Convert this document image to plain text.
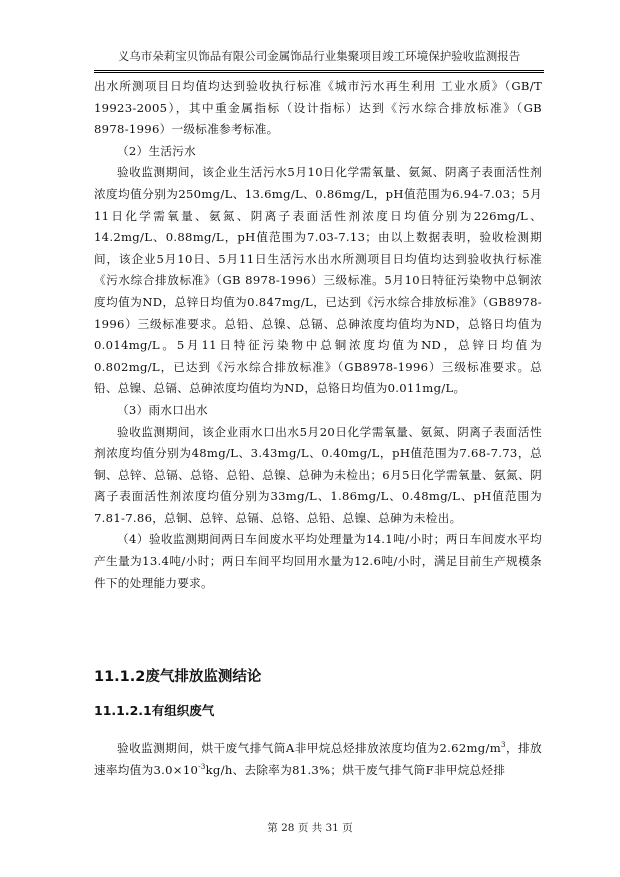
义乌市朵莉宝贝饰品有限公司金属饰品行业集聚项目竣工环境保护验收监测报告

出水所测项目日均值均达到验收执行标准《城市污水再生利用 工业水质》（GB/T 19923-2005），其中重金属指标（设计指标）达到《污水综合排放标准》（GB 8978-1996）一级标准参考标准。

（2）生活污水

验收监测期间，该企业生活污水5月10日化学需氧量、氨氮、阴离子表面活性剂浓度均值分别为250mg/L、13.6mg/L、0.86mg/L，pH值范围为6.94-7.03；5月11日化学需氧量、氨氮、阴离子表面活性剂浓度日均值分别为226mg/L、14.2mg/L、0.88mg/L，pH值范围为7.03-7.13；由以上数据表明，验收检测期间，该企业5月10日、5月11日生活污水出水所测项目日均值均达到验收执行标准《污水综合排放标准》（GB 8978-1996）三级标准。5月10日特征污染物中总铜浓度均值为ND，总锌日均值为0.847mg/L，已达到《污水综合排放标准》（GB8978-1996）三级标准要求。总铅、总镍、总镉、总砷浓度均值均为ND，总铬日均值为0.014mg/L。5月11日特征污染物中总铜浓度均值为ND，总锌日均值为0.802mg/L，已达到《污水综合排放标准》（GB8978-1996）三级标准要求。总铅、总镍、总镉、总砷浓度均值均为ND，总铬日均值为0.011mg/L。

（3）雨水口出水

验收监测期间，该企业雨水口出水5月20日化学需氧量、氨氮、阴离子表面活性剂浓度均值分别为48mg/L、3.43mg/L、0.40mg/L，pH值范围为7.68-7.73，总铜、总锌、总镉、总铬、总铅、总镍、总砷为未检出；6月5日化学需氧量、氨氮、阴离子表面活性剂浓度均值分别为33mg/L、1.86mg/L、0.48mg/L、pH值范围为7.81-7.86，总铜、总锌、总镉、总铬、总铅、总镍、总砷为未检出。

（4）验收监测期间两日车间废水平均处理量为14.1吨/小时；两日车间废水平均产生量为13.4吨/小时；两日车间平均回用水量为12.6吨/小时，满足目前生产规模条件下的处理能力要求。

11.1.2废气排放监测结论
11.1.2.1有组织废气

验收监测期间，烘干废气排气筒A非甲烷总烃排放浓度均值为$2.62mg/m^3$，排放速率均值为$3.0\times 10^{-3}kg/h$、去除率为81.3%；烘干废气排气筒F非甲烷总烃排

第 28 页 共 31 页
